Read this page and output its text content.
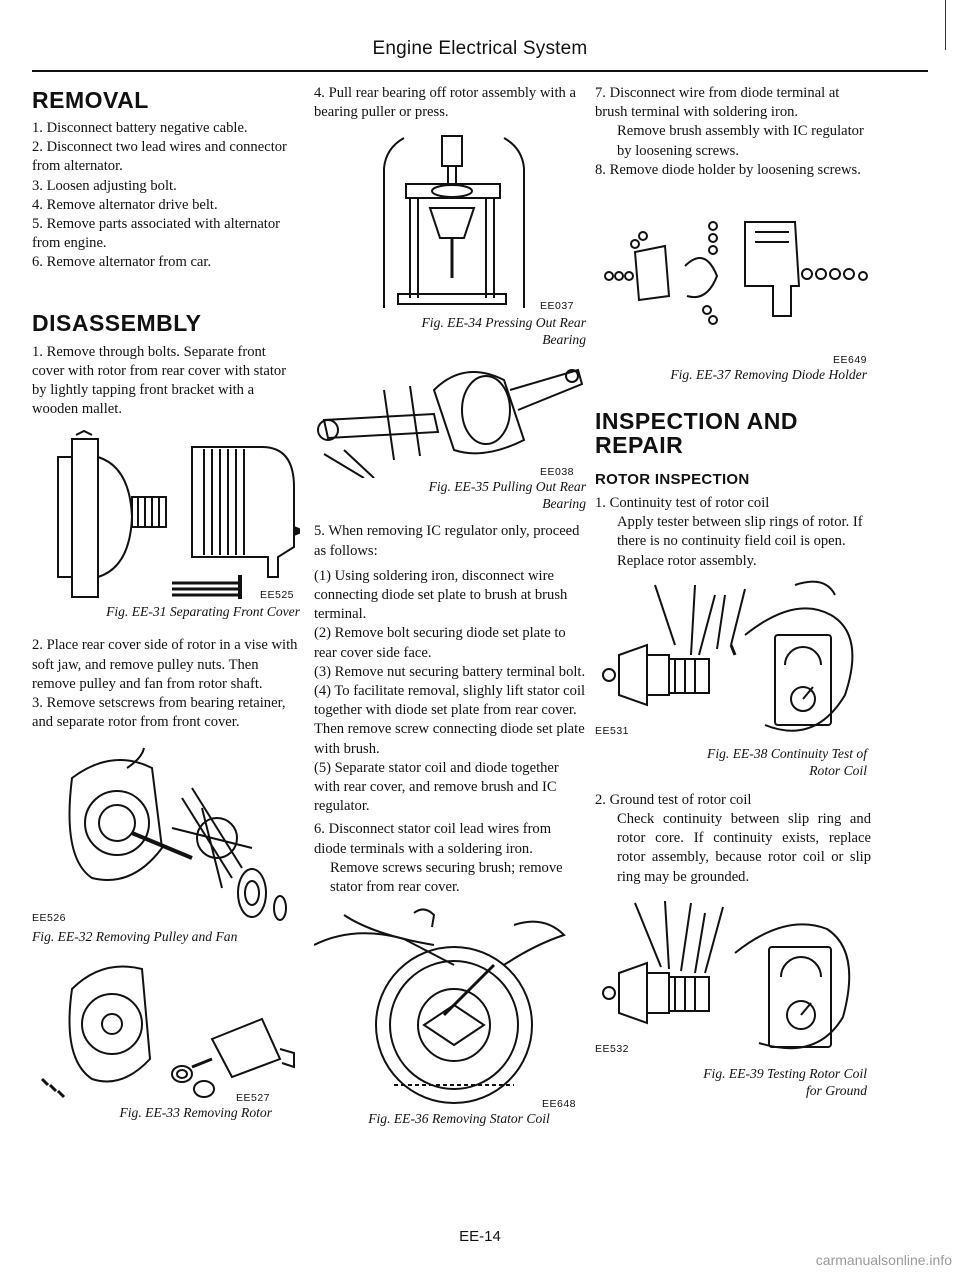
Engine Electrical System
REMOVAL
1. Disconnect battery negative cable.
2. Disconnect two lead wires and connector from alternator.
3. Loosen adjusting bolt.
4. Remove alternator drive belt.
5. Remove parts associated with alternator from engine.
6. Remove alternator from car.
DISASSEMBLY
1. Remove through bolts. Separate front cover with rotor from rear cover with stator by lightly tapping front bracket with a wooden mallet.
EE525
Fig. EE-31 Separating Front Cover
2. Place rear cover side of rotor in a vise with soft jaw, and remove pulley nuts. Then remove pulley and fan from rotor shaft.
3. Remove setscrews from bearing retainer, and separate rotor from front cover.
EE526
Fig. EE-32 Removing Pulley and Fan
EE527
Fig. EE-33 Removing Rotor
4. Pull rear bearing off rotor assembly with a bearing puller or press.
EE037
Fig. EE-34 Pressing Out Rear
Bearing
EE038
Fig. EE-35 Pulling Out Rear
Bearing
5. When removing IC regulator only, proceed as follows:
(1) Using soldering iron, disconnect wire connecting diode set plate to brush at brush terminal.
(2) Remove bolt securing diode set plate to rear cover side face.
(3) Remove nut securing battery terminal bolt.
(4) To facilitate removal, slighly lift stator coil together with diode set plate from rear cover. Then remove screw connecting diode set plate with brush.
(5) Separate stator coil and diode together with rear cover, and remove brush and IC regulator.
6. Disconnect stator coil lead wires from diode terminals with a soldering iron.
Remove screws securing brush; remove stator from rear cover.
EE648
Fig. EE-36 Removing Stator Coil
7. Disconnect wire from diode terminal at brush terminal with soldering iron.
Remove brush assembly with IC regulator by loosening screws.
8. Remove diode holder by loosening screws.
EE649
Fig. EE-37 Removing Diode Holder
INSPECTION AND
REPAIR
ROTOR INSPECTION
1. Continuity test of rotor coil
Apply tester between slip rings of rotor. If there is no continuity field coil is open.
Replace rotor assembly.
EE531
Fig. EE-38 Continuity Test of
Rotor Coil
2. Ground test of rotor coil
Check continuity between slip ring and rotor core. If continuity exists, replace rotor assembly, because rotor coil or slip ring may be grounded.
EE532
Fig. EE-39 Testing Rotor Coil
for Ground
EE-14
carmanualsonline.info
